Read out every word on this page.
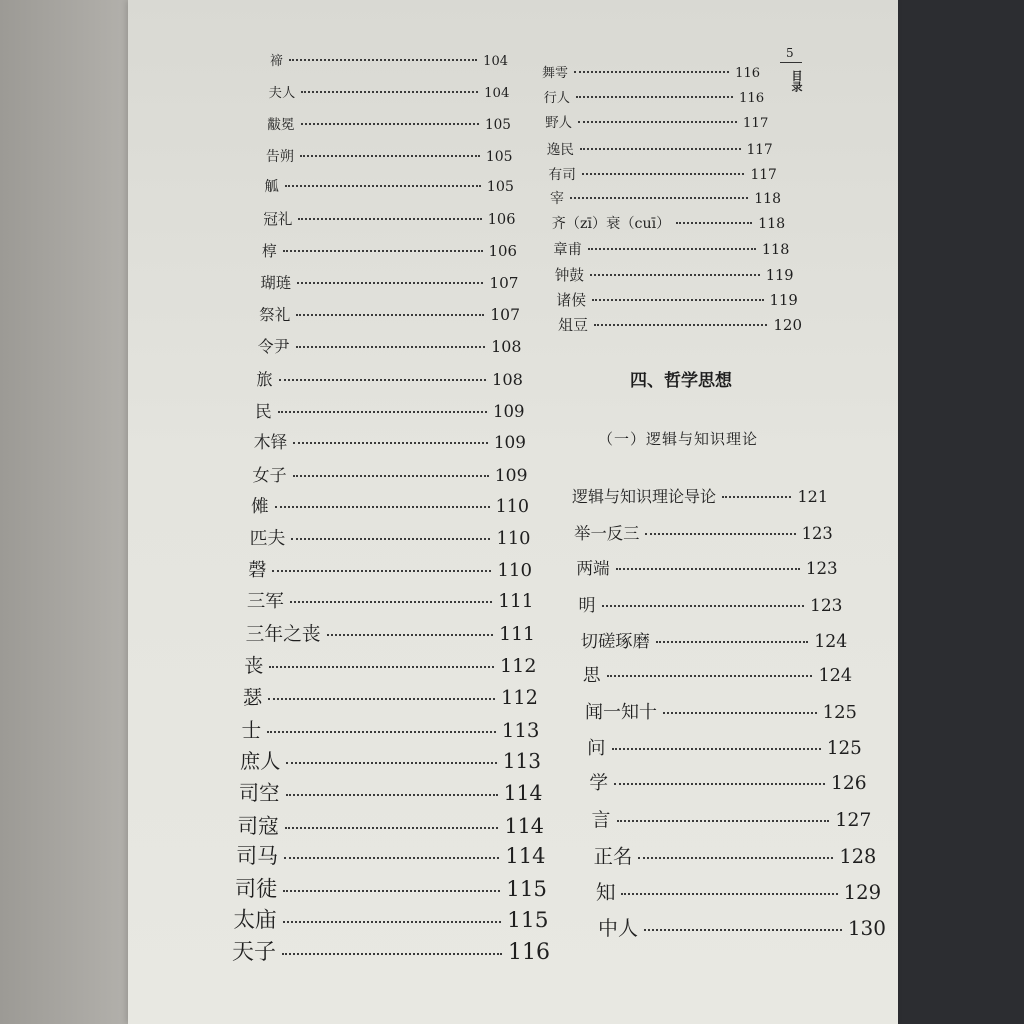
5
目录
禘	104
夫人	104
黻冕	105
告朔	105
觚	105
冠礼	106
椁	106
瑚琏	107
祭礼	107
令尹	108
旅	108
民	109
木铎	109
女子	109
傩	110
匹夫	110
磬	110
三军	111
三年之丧	111
丧	112
瑟	112
士	113
庶人	113
司空	114
司寇	114
司马	114
司徒	115
太庙	115
天子	116
舞雩	116
行人	116
野人	117
逸民	117
有司	117
宰	118
齐（zī）衰（cuī）	118
章甫	118
钟鼓	119
诸侯	119
俎豆	120
四、哲学思想
（一）逻辑与知识理论
逻辑与知识理论导论	121
举一反三	123
两端	123
明	123
切磋琢磨	124
思	124
闻一知十	125
问	125
学	126
言	127
正名	128
知	129
中人	130
